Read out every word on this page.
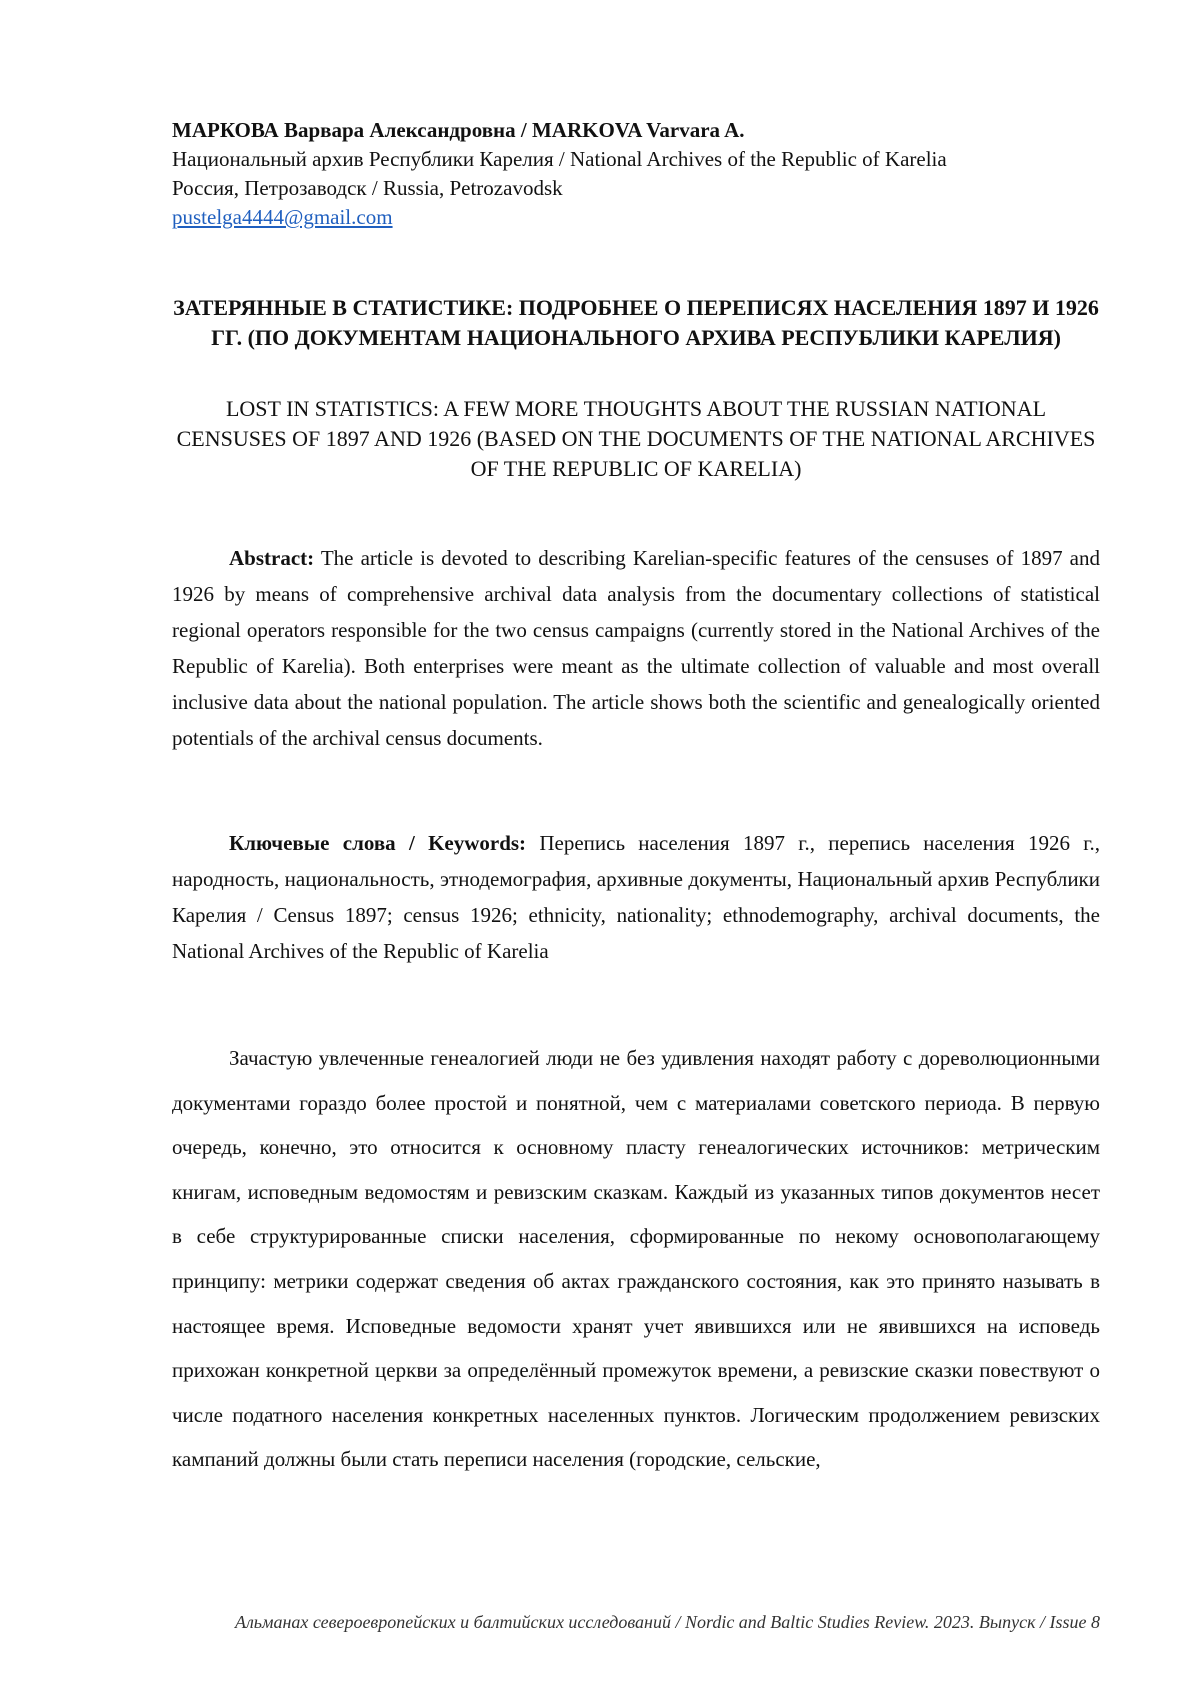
МАРКОВА Варвара Александровна / MARKOVA Varvara A.
Национальный архив Республики Карелия / National Archives of the Republic of Karelia
Россия, Петрозаводск / Russia, Petrozavodsk
pustelga4444@gmail.com
ЗАТЕРЯННЫЕ В СТАТИСТИКЕ: ПОДРОБНЕЕ О ПЕРЕПИСЯХ НАСЕЛЕНИЯ 1897 И 1926 ГГ. (ПО ДОКУМЕНТАМ НАЦИОНАЛЬНОГО АРХИВА РЕСПУБЛИКИ КАРЕЛИЯ)
LOST IN STATISTICS: A FEW MORE THOUGHTS ABOUT THE RUSSIAN NATIONAL CENSUSES OF 1897 AND 1926 (BASED ON THE DOCUMENTS OF THE NATIONAL ARCHIVES OF THE REPUBLIC OF KARELIA)
Abstract: The article is devoted to describing Karelian-specific features of the censuses of 1897 and 1926 by means of comprehensive archival data analysis from the documentary collections of statistical regional operators responsible for the two census campaigns (currently stored in the National Archives of the Republic of Karelia). Both enterprises were meant as the ultimate collection of valuable and most overall inclusive data about the national population. The article shows both the scientific and genealogically oriented potentials of the archival census documents.
Ключевые слова / Keywords: Перепись населения 1897 г., перепись населения 1926 г., народность, национальность, этнодемография, архивные документы, Национальный архив Республики Карелия / Census 1897; census 1926; ethnicity, nationality; ethnodemography, archival documents, the National Archives of the Republic of Karelia
Зачастую увлеченные генеалогией люди не без удивления находят работу с дореволюционными документами гораздо более простой и понятной, чем с материалами советского периода. В первую очередь, конечно, это относится к основному пласту генеалогических источников: метрическим книгам, исповедным ведомостям и ревизским сказкам. Каждый из указанных типов документов несет в себе структурированные списки населения, сформированные по некому основополагающему принципу: метрики содержат сведения об актах гражданского состояния, как это принято называть в настоящее время. Исповедные ведомости хранят учет явившихся или не явившихся на исповедь прихожан конкретной церкви за определённый промежуток времени, а ревизские сказки повествуют о числе податного населения конкретных населенных пунктов. Логическим продолжением ревизских кампаний должны были стать переписи населения (городские, сельские,
Альманах североевропейских и балтийских исследований / Nordic and Baltic Studies Review. 2023. Выпуск / Issue 8
